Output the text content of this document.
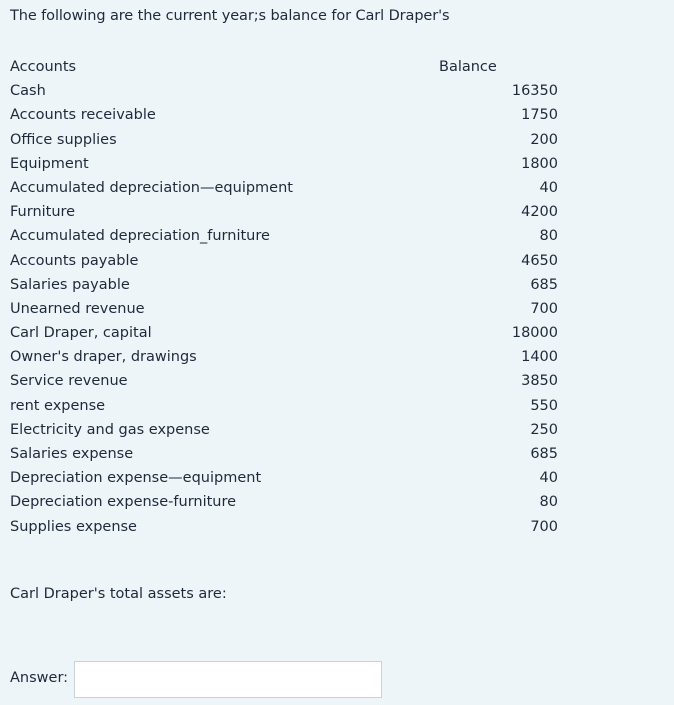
The following are the current year;s balance for Carl Draper's
Accounts	Balance
Cash	16350
Accounts receivable	1750
Office supplies	200
Equipment	1800
Accumulated depreciation—equipment	40
Furniture	4200
Accumulated depreciation_furniture	80
Accounts payable	4650
Salaries payable	685
Unearned revenue	700
Carl Draper, capital	18000
Owner's draper, drawings	1400
Service revenue	3850
rent expense	550
Electricity and gas expense	250
Salaries expense	685
Depreciation expense—equipment	40
Depreciation expense-furniture	80
Supplies expense	700
Carl Draper's total assets are:
Answer:
